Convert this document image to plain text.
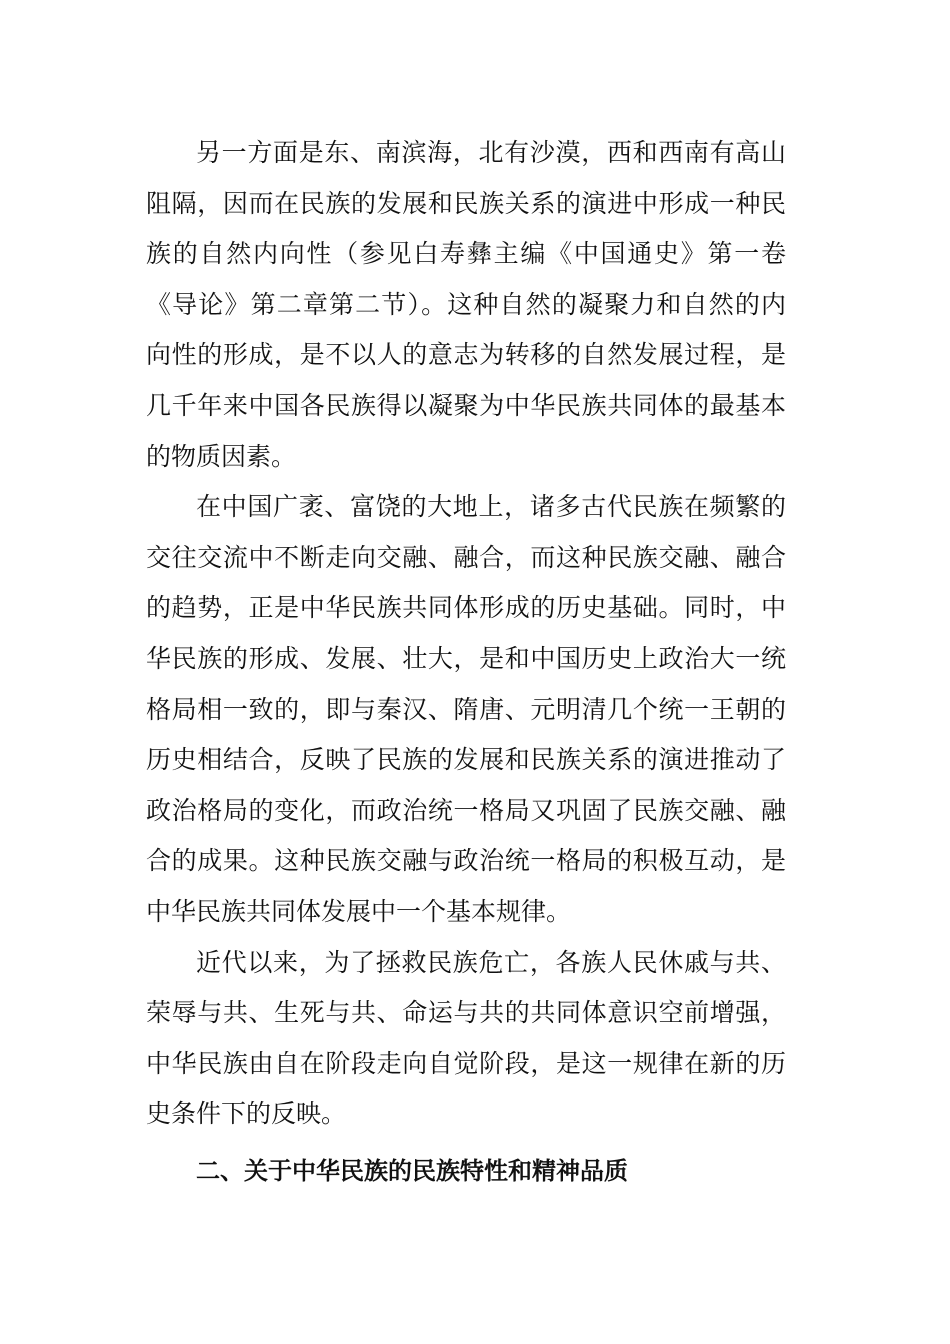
另一方面是东、南滨海，北有沙漠，西和西南有高山
阻隔，因而在民族的发展和民族关系的演进中形成一种民
族的自然内向性（参见白寿彝主编《中国通史》第一卷
《导论》第二章第二节）。这种自然的凝聚力和自然的内
向性的形成，是不以人的意志为转移的自然发展过程，是
几千年来中国各民族得以凝聚为中华民族共同体的最基本
的物质因素。
在中国广袤、富饶的大地上，诸多古代民族在频繁的
交往交流中不断走向交融、融合，而这种民族交融、融合
的趋势，正是中华民族共同体形成的历史基础。同时，中
华民族的形成、发展、壮大，是和中国历史上政治大一统
格局相一致的，即与秦汉、隋唐、元明清几个统一王朝的
历史相结合，反映了民族的发展和民族关系的演进推动了
政治格局的变化，而政治统一格局又巩固了民族交融、融
合的成果。这种民族交融与政治统一格局的积极互动，是
中华民族共同体发展中一个基本规律。
近代以来，为了拯救民族危亡，各族人民休戚与共、
荣辱与共、生死与共、命运与共的共同体意识空前增强，
中华民族由自在阶段走向自觉阶段，是这一规律在新的历
史条件下的反映。
二、关于中华民族的民族特性和精神品质
